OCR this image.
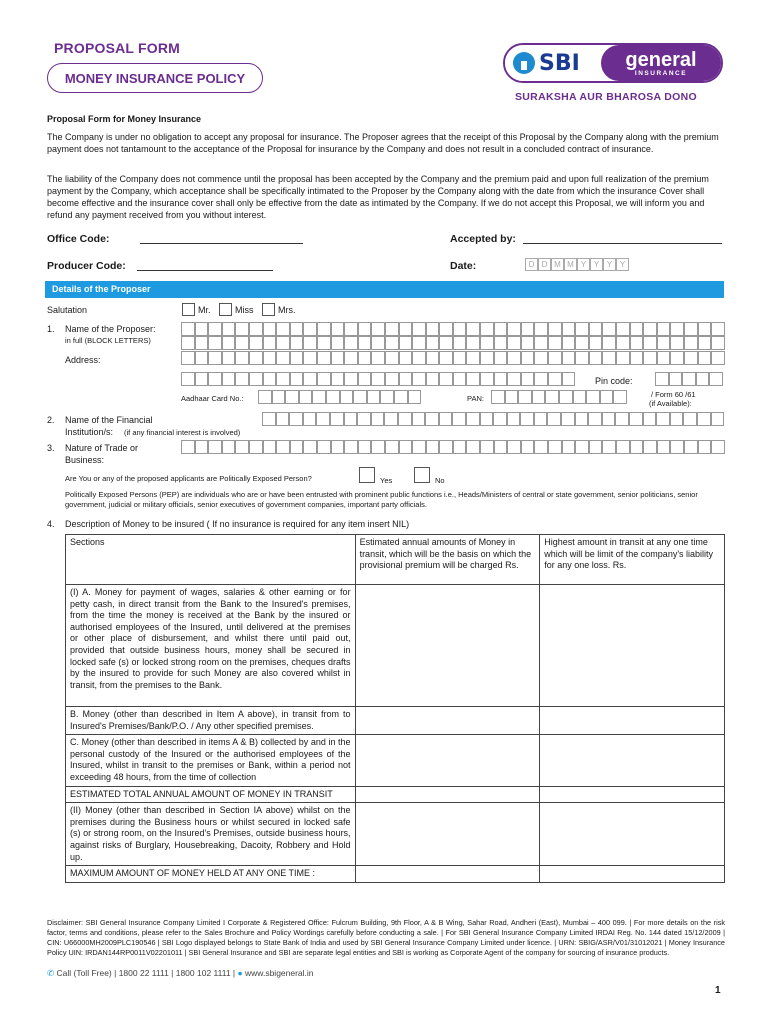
PROPOSAL FORM
MONEY INSURANCE POLICY
SBI general
INSURANCE
SURAKSHA AUR BHAROSA DONO
Proposal Form for Money Insurance
The Company is under no obligation to accept any proposal for insurance. The Proposer agrees that the receipt of this Proposal by the Company along with the premium payment does not tantamount to the acceptance of the Proposal for insurance by the Company and does not result in a concluded contract of insurance.
The liability of the Company does not commence until the proposal has been accepted by the Company and the premium paid and upon full realization of the premium payment by the Company, which acceptance shall be specifically intimated to the Proposer by the Company along with the date from which the insurance Cover shall become effective and the insurance cover shall only be effective from the date as intimated by the Company. If we do not accept this Proposal, we will inform you and refund any payment received from you without interest.
Office Code:	Accepted by:
Producer Code:	Date:	D D M M Y Y Y Y
Details of the Proposer
Salutation	Mr.	Miss	Mrs.
1. Name of the Proposer:
in full (BLOCK LETTERS)
Address:
Pin code:
Aadhaar Card No.:	PAN:	/ Form 60 /61
(if Available):
2. Name of the Financial
Institution/s: (if any financial interest is involved)
3. Nature of Trade or
Business:
Are You or any of the proposed applicants are Politically Exposed Person?	Yes	No
Politically Exposed Persons (PEP) are individuals who are or have been entrusted with prominent public functions i.e., Heads/Ministers of central or state government, senior politicians, senior government, judicial or military officials, senior executives of government companies, important party officials.
4. Description of Money to be insured ( If no insurance is required for any item insert NIL)
Sections	Estimated annual amounts of Money in transit, which will be the basis on which the provisional premium will be charged Rs.	Highest amount in transit at any one time which will be limit of the company's liability for any one loss. Rs.
(I) A. Money for payment of wages, salaries & other earning or for petty cash, in direct transit from the Bank to the Insured's premises, from the time the money is received at the Bank by the insured or authorised employees of the Insured, until delivered at the premises or other place of disbursement, and whilst there until paid out, provided that outside business hours, money shall be secured in locked safe (s) or locked strong room on the premises, cheques drafts by the insured to provide for such Money are also covered whilst in transit, from the premises to the Bank.		
B. Money (other than described in Item A above), in transit from to Insured's Premises/Bank/P.O. / Any other specified premises.		
C. Money (other than described in items A & B) collected by and in the personal custody of the Insured or the authorised employees of the Insured, whilst in transit to the premises or Bank, within a period not exceeding 48 hours, from the time of collection		
ESTIMATED TOTAL ANNUAL AMOUNT OF MONEY IN TRANSIT		
(II) Money (other than described in Section IA above) whilst on the premises during the Business hours or whilst secured in locked safe (s) or strong room, on the Insured's Premises, outside business hours, against risks of Burglary, Housebreaking, Dacoity, Robbery and Hold up.		
MAXIMUM AMOUNT OF MONEY HELD AT ANY ONE TIME :		
Disclaimer: SBI General Insurance Company Limited I Corporate & Registered Office: Fulcrum Building, 9th Floor, A & B Wing, Sahar Road, Andheri (East), Mumbai – 400 099. | For more details on the risk factor, terms and conditions, please refer to the Sales Brochure and Policy Wordings carefully before conducting a sale. | For SBI General Insurance Company Limited IRDAI Reg. No. 144 dated 15/12/2009 | CIN: U66000MH2009PLC190546 | SBI Logo displayed belongs to State Bank of India and used by SBI General Insurance Company Limited under licence. | URN: SBIG/ASR/V01/31012021 | Money Insurance Policy UIN: IRDAN144RP0011V02201011 | SBI General Insurance and SBI are separate legal entities and SBI is working as Corporate Agent of the company for sourcing of insurance products.
✆ Call (Toll Free) | 1800 22 1111 | 1800 102 1111 | ● www.sbigeneral.in
1
